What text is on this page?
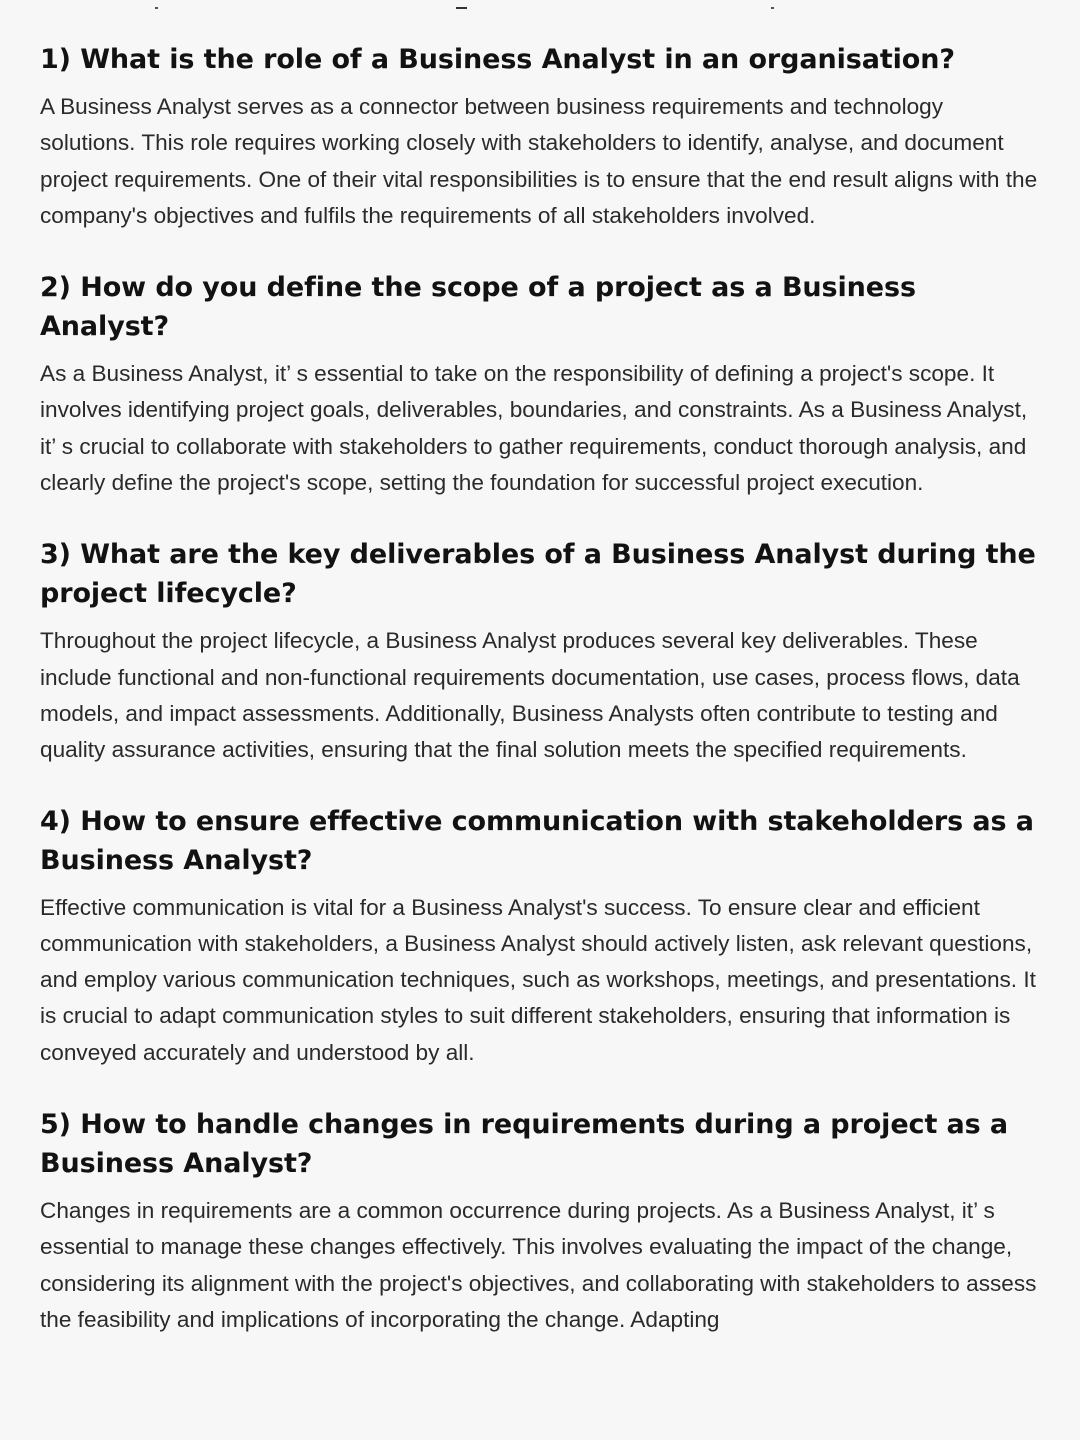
1) What is the role of a Business Analyst in an organisation?

A Business Analyst serves as a connector between business requirements and technology solutions. This role requires working closely with stakeholders to identify, analyse, and document project requirements. One of their vital responsibilities is to ensure that the end result aligns with the company's objectives and fulfils the requirements of all stakeholders involved.

2) How do you define the scope of a project as a Business Analyst?

As a Business Analyst, it’ s essential to take on the responsibility of defining a project's scope. It involves identifying project goals, deliverables, boundaries, and constraints. As a Business Analyst, it’ s crucial to collaborate with stakeholders to gather requirements, conduct thorough analysis, and clearly define the project's scope, setting the foundation for successful project execution.

3) What are the key deliverables of a Business Analyst during the project lifecycle?

Throughout the project lifecycle, a Business Analyst produces several key deliverables. These include functional and non-functional requirements documentation, use cases, process flows, data models, and impact assessments. Additionally, Business Analysts often contribute to testing and quality assurance activities, ensuring that the final solution meets the specified requirements.

4) How to ensure effective communication with stakeholders as a Business Analyst?

Effective communication is vital for a Business Analyst's success. To ensure clear and efficient communication with stakeholders, a Business Analyst should actively listen, ask relevant questions, and employ various communication techniques, such as workshops, meetings, and presentations. It is crucial to adapt communication styles to suit different stakeholders, ensuring that information is conveyed accurately and understood by all.

5) How to handle changes in requirements during a project as a Business Analyst?

Changes in requirements are a common occurrence during projects. As a Business Analyst, it’ s essential to manage these changes effectively. This involves evaluating the impact of the change, considering its alignment with the project's objectives, and collaborating with stakeholders to assess the feasibility and implications of incorporating the change. Adapting
